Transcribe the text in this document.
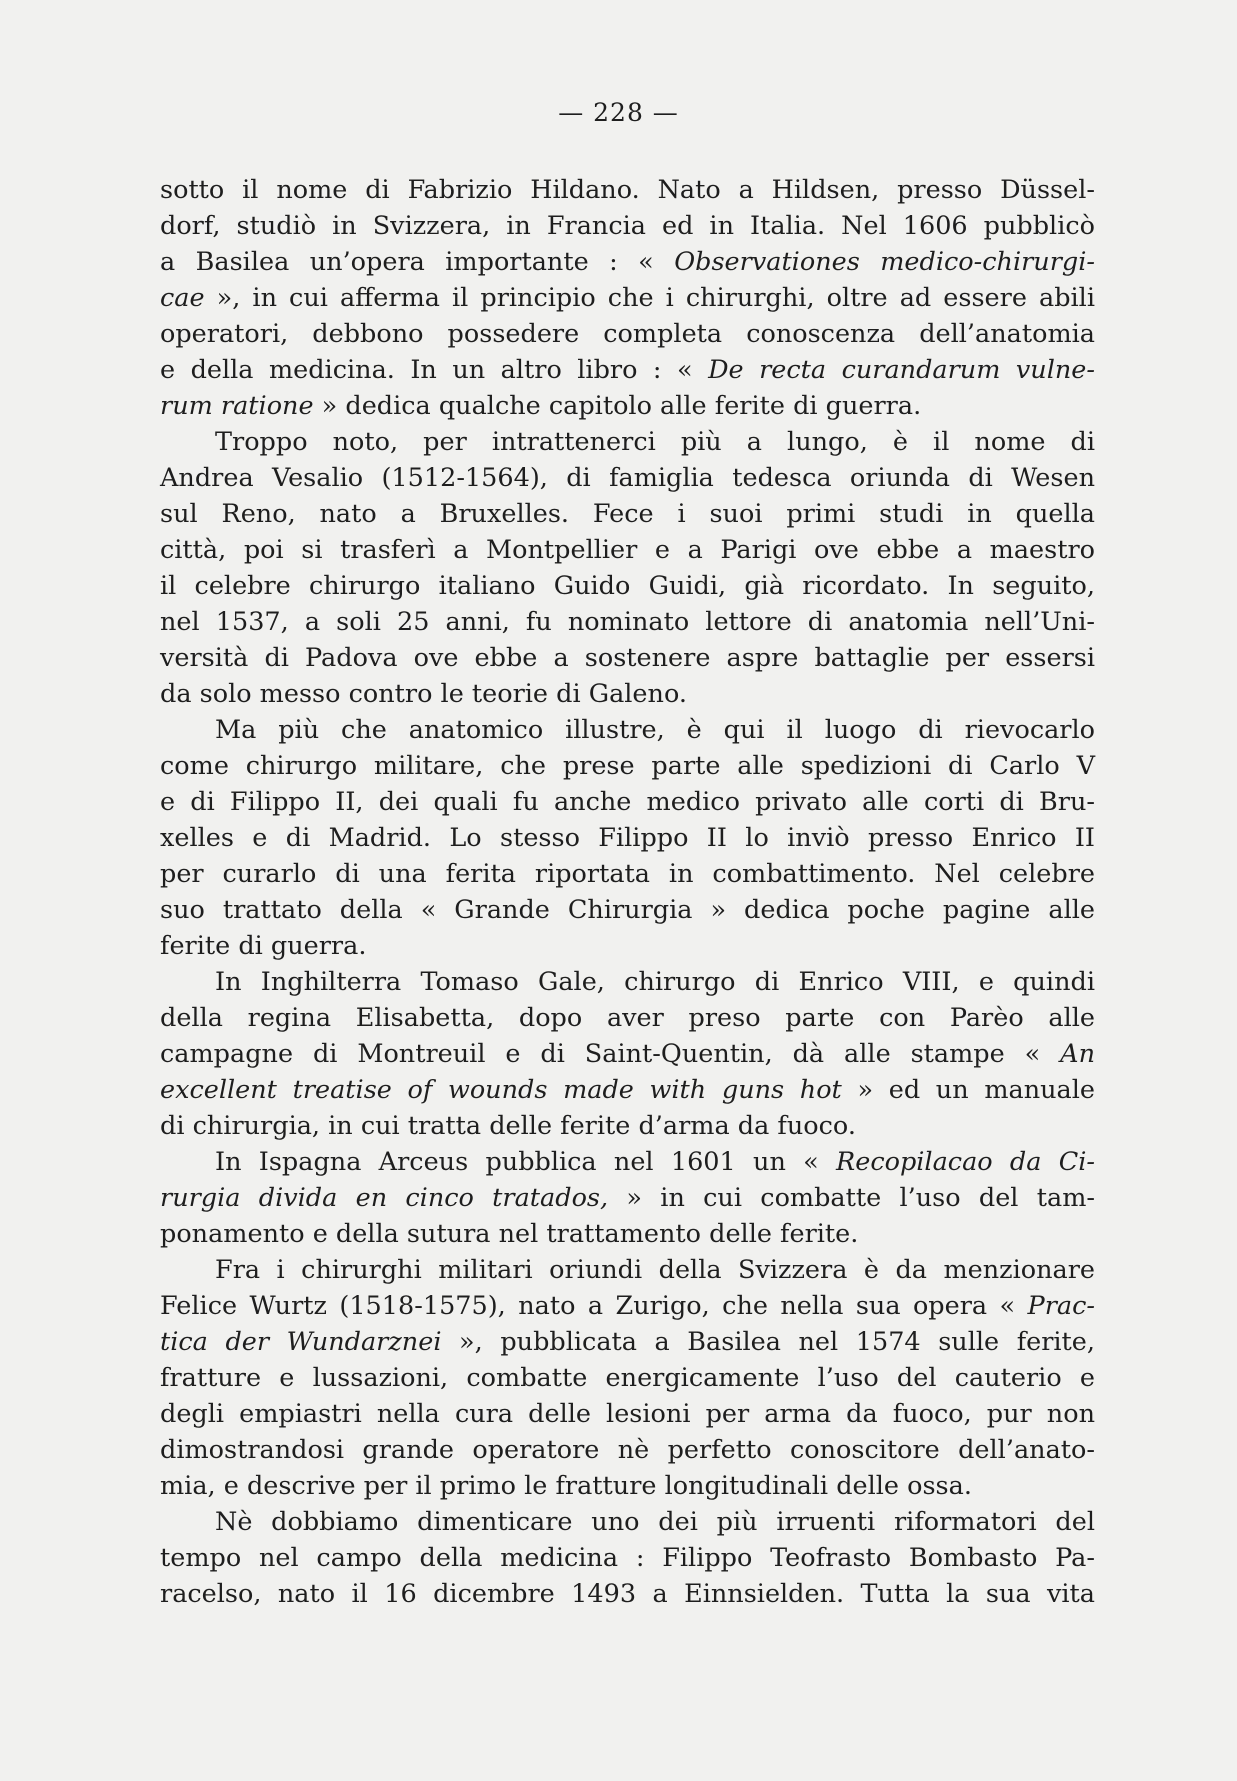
— 228 —
sotto il nome di Fabrizio Hildano. Nato a Hildsen, presso Düssel-
dorf, studiò in Svizzera, in Francia ed in Italia. Nel 1606 pubblicò
a Basilea un’opera importante : « Observationes medico-chirurgi-
cae », in cui afferma il principio che i chirurghi, oltre ad essere abili
operatori, debbono possedere completa conoscenza dell’anatomia
e della medicina. In un altro libro : « De recta curandarum vulne-
rum ratione » dedica qualche capitolo alle ferite di guerra.
Troppo noto, per intrattenerci più a lungo, è il nome di
Andrea Vesalio (1512-1564), di famiglia tedesca oriunda di Wesen
sul Reno, nato a Bruxelles. Fece i suoi primi studi in quella
città, poi si trasferì a Montpellier e a Parigi ove ebbe a maestro
il celebre chirurgo italiano Guido Guidi, già ricordato. In seguito,
nel 1537, a soli 25 anni, fu nominato lettore di anatomia nell’Uni-
versità di Padova ove ebbe a sostenere aspre battaglie per essersi
da solo messo contro le teorie di Galeno.
Ma più che anatomico illustre, è qui il luogo di rievocarlo
come chirurgo militare, che prese parte alle spedizioni di Carlo V
e di Filippo II, dei quali fu anche medico privato alle corti di Bru-
xelles e di Madrid. Lo stesso Filippo II lo inviò presso Enrico II
per curarlo di una ferita riportata in combattimento. Nel celebre
suo trattato della « Grande Chirurgia » dedica poche pagine alle
ferite di guerra.
In Inghilterra Tomaso Gale, chirurgo di Enrico VIII, e quindi
della regina Elisabetta, dopo aver preso parte con Parèo alle
campagne di Montreuil e di Saint-Quentin, dà alle stampe « An
excellent treatise of wounds made with guns hot » ed un manuale
di chirurgia, in cui tratta delle ferite d’arma da fuoco.
In Ispagna Arceus pubblica nel 1601 un « Recopilacao da Ci-
rurgia divida en cinco tratados, » in cui combatte l’uso del tam-
ponamento e della sutura nel trattamento delle ferite.
Fra i chirurghi militari oriundi della Svizzera è da menzionare
Felice Wurtz (1518-1575), nato a Zurigo, che nella sua opera « Prac-
tica der Wundarznei », pubblicata a Basilea nel 1574 sulle ferite,
fratture e lussazioni, combatte energicamente l’uso del cauterio e
degli empiastri nella cura delle lesioni per arma da fuoco, pur non
dimostrandosi grande operatore nè perfetto conoscitore dell’anato-
mia, e descrive per il primo le fratture longitudinali delle ossa.
Nè dobbiamo dimenticare uno dei più irruenti riformatori del
tempo nel campo della medicina : Filippo Teofrasto Bombasto Pa-
racelso, nato il 16 dicembre 1493 a Einnsielden. Tutta la sua vita
